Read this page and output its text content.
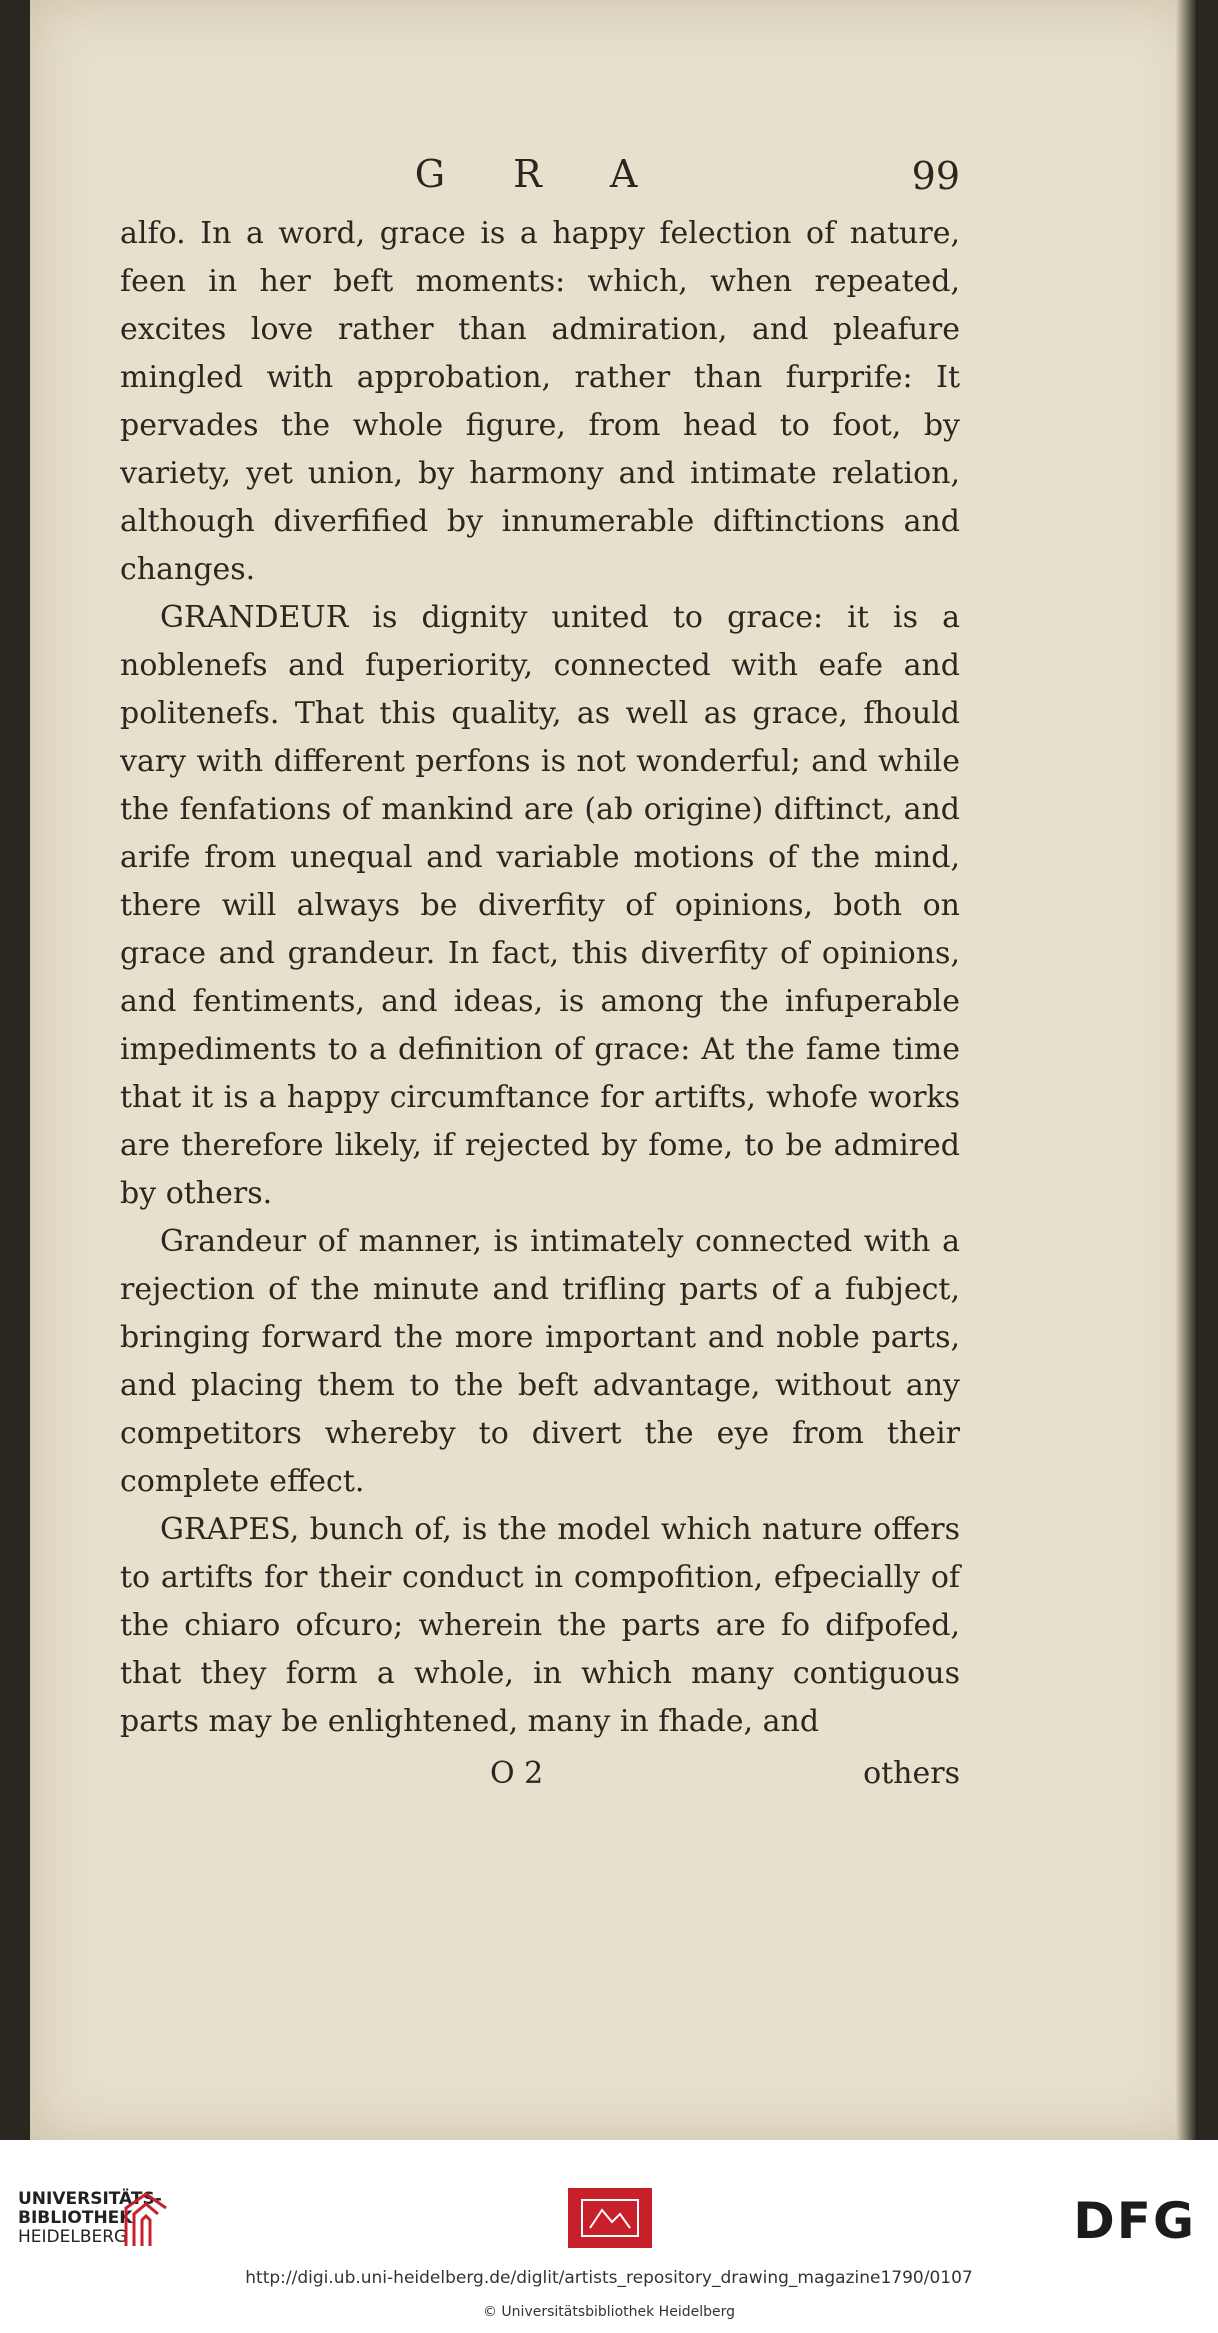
G R A	99

alfo. In a word, grace is a happy felection of nature, feen in her beft moments: which, when repeated, excites love rather than admiration, and pleafure mingled with approbation, rather than furprife: It pervades the whole figure, from head to foot, by variety, yet union, by harmony and intimate relation, although diverfified by innumerable diftinctions and changes.

GRANDEUR is dignity united to grace: it is a noblenefs and fuperiority, connected with eafe and politenefs. That this quality, as well as grace, fhould vary with different perfons is not wonderful; and while the fenfations of mankind are (ab origine) diftinct, and arife from unequal and variable motions of the mind, there will always be diverfity of opinions, both on grace and grandeur. In fact, this diverfity of opinions, and fentiments, and ideas, is among the infuperable impediments to a definition of grace: At the fame time that it is a happy circumftance for artifts, whofe works are therefore likely, if rejected by fome, to be admired by others.

Grandeur of manner, is intimately connected with a rejection of the minute and trifling parts of a fubject, bringing forward the more important and noble parts, and placing them to the beft advantage, without any competitors whereby to divert the eye from their complete effect.

GRAPES, bunch of, is the model which nature offers to artifts for their conduct in compofition, efpecially of the chiaro ofcuro; wherein the parts are fo difpofed, that they form a whole, in which many contiguous parts may be enlightened, many in fhade, and

O 2	others
UNIVERSITÄTS-
BIBLIOTHEK
HEIDELBERG	DFG
http://digi.ub.uni-heidelberg.de/diglit/artists_repository_drawing_magazine1790/0107
© Universitätsbibliothek Heidelberg
